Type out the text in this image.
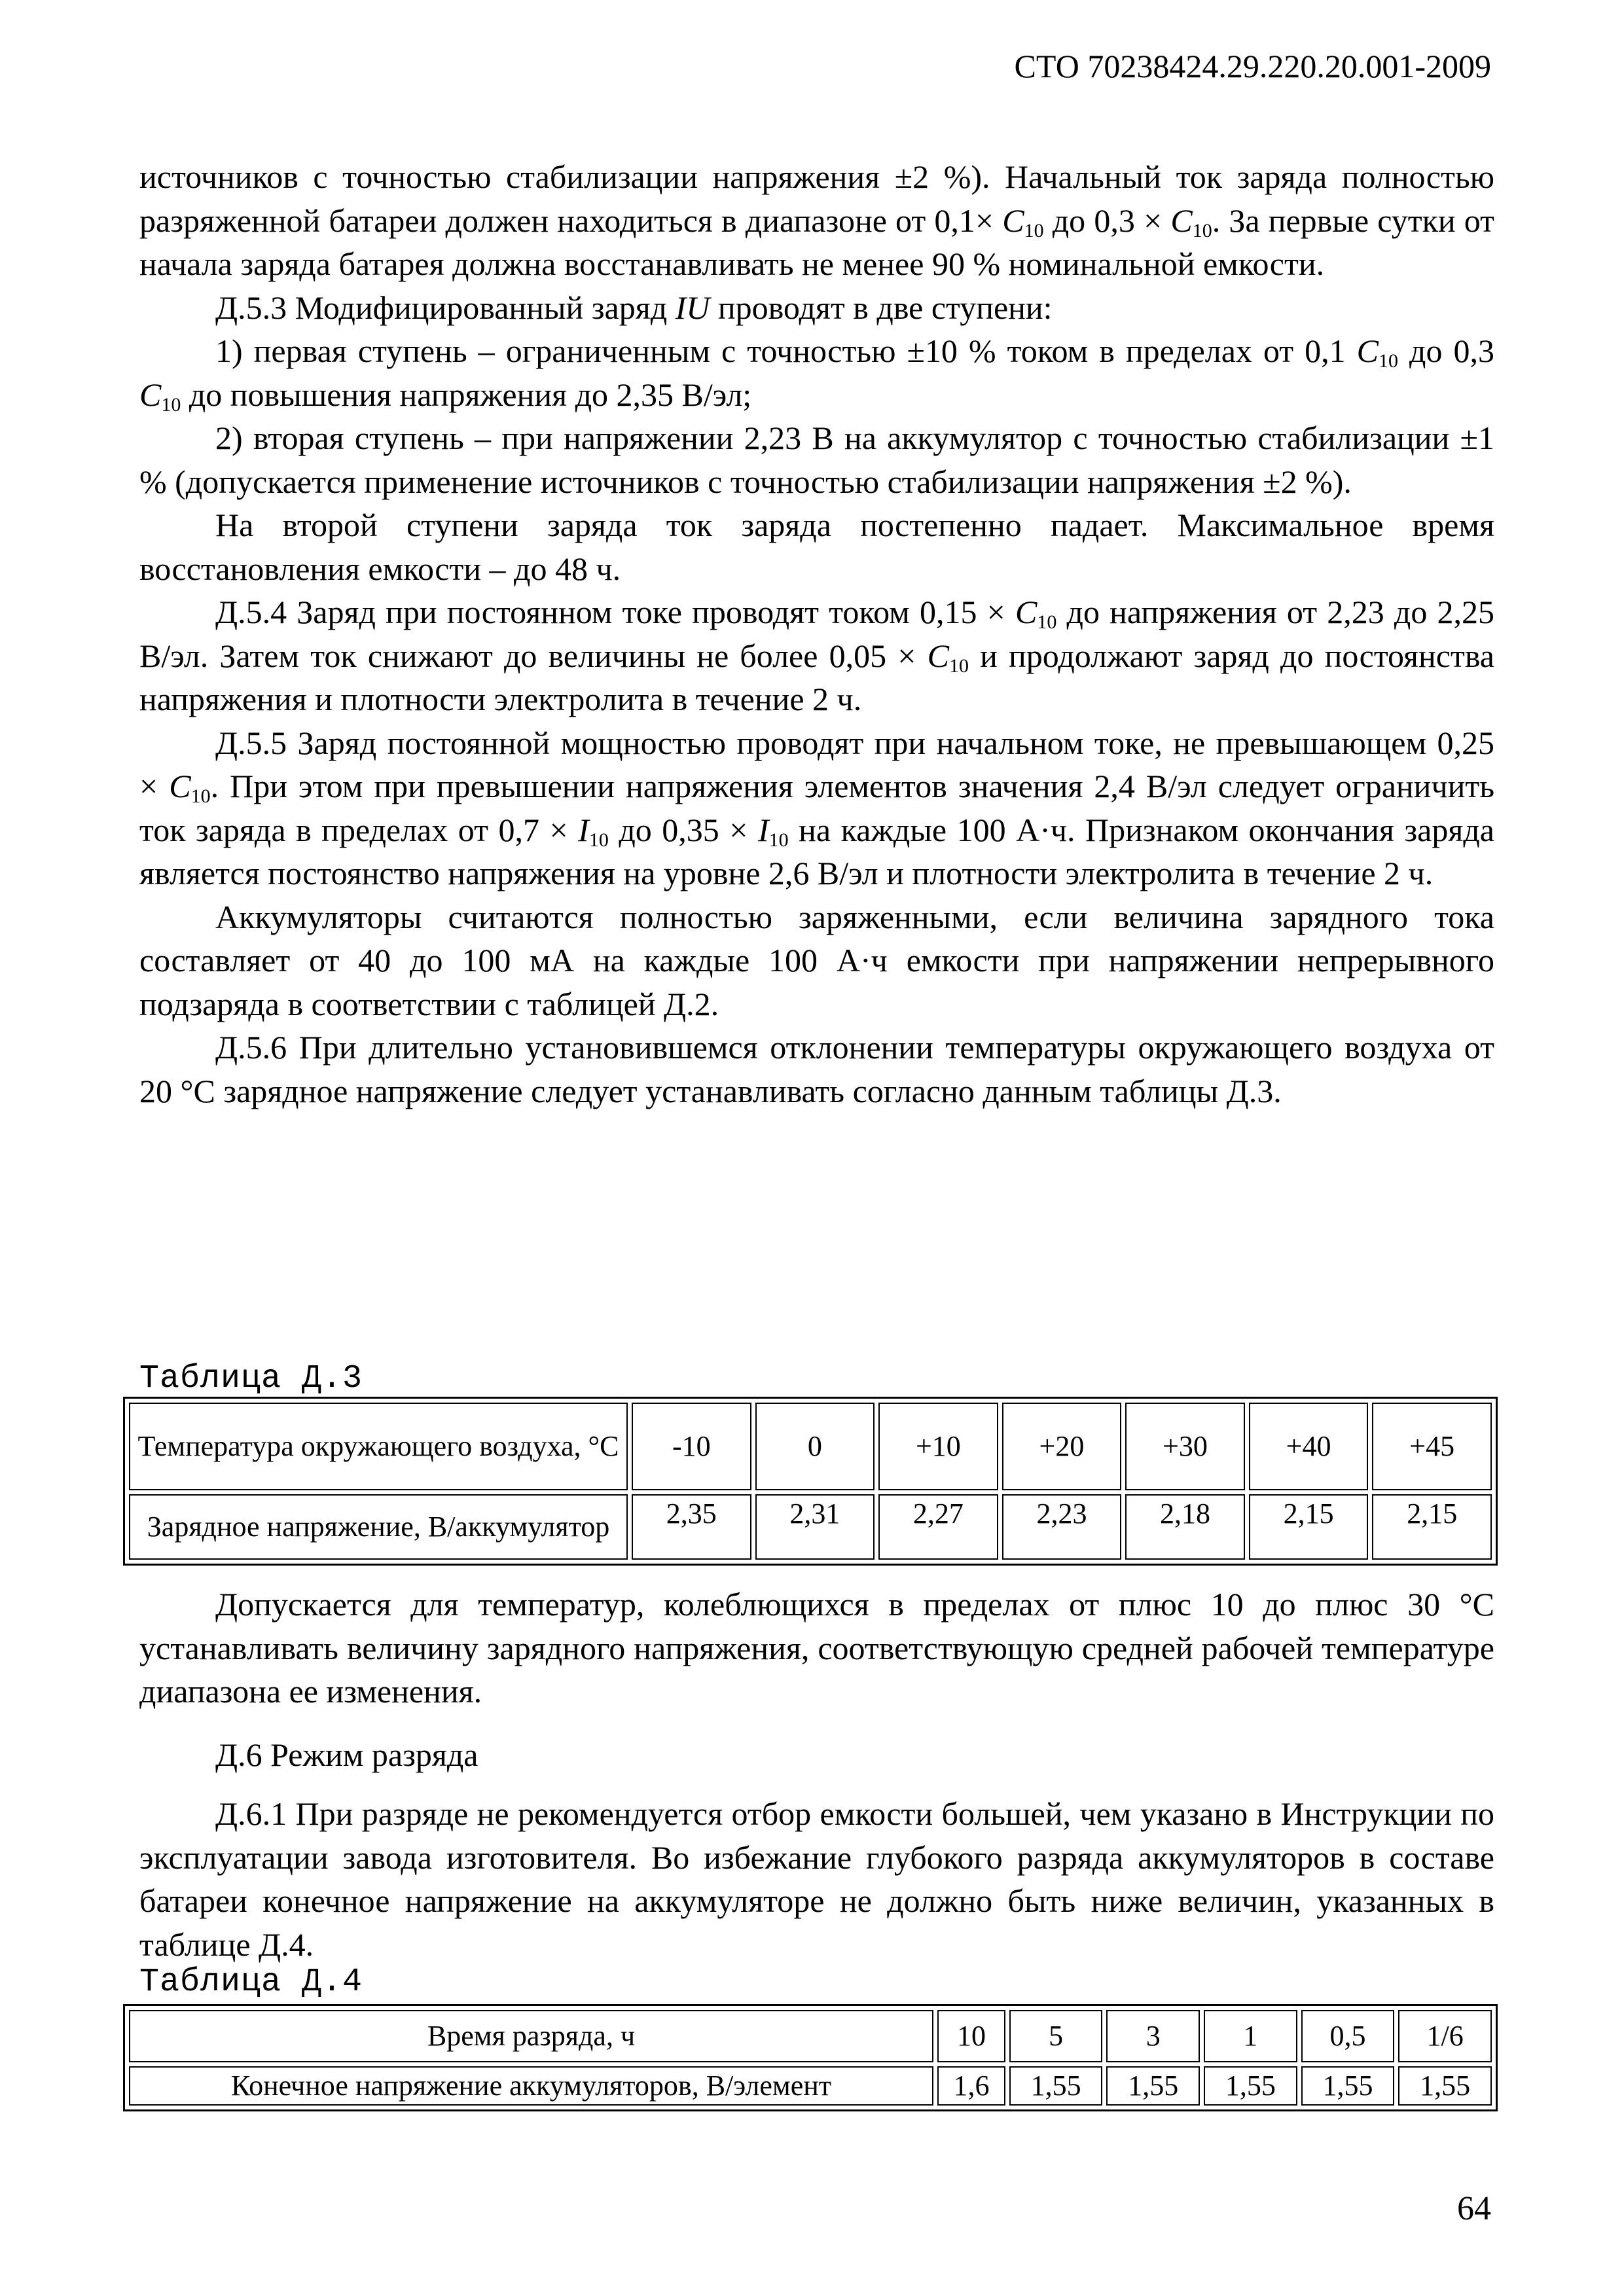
СТО 70238424.29.220.20.001-2009

источников с точностью стабилизации напряжения ±2 %). Начальный ток заряда полностью разряженной батареи должен находиться в диапазоне от $0,1\times C_{10}$ до $0,3 \times C_{10}$. За первые сутки от начала заряда батарея должна восстанавливать не менее 90 % номинальной емкости.

Д.5.3 Модифицированный заряд IU проводят в две ступени:

1) первая ступень – ограниченным с точностью ±10 % током в пределах от 0,1 $C_{10}$ до 0,3 $C_{10}$ до повышения напряжения до 2,35 В/эл;

2) вторая ступень – при напряжении 2,23 В на аккумулятор с точностью стабилизации ±1 % (допускается применение источников с точностью стабилизации напряжения ±2 %).

На второй ступени заряда ток заряда постепенно падает. Максимальное время восстановления емкости – до 48 ч.

Д.5.4 Заряд при постоянном токе проводят током $0,15 \times C_{10}$ до напряжения от 2,23 до 2,25 В/эл. Затем ток снижают до величины не более $0,05 \times C_{10}$ и продолжают заряд до постоянства напряжения и плотности электролита в течение 2 ч.

Д.5.5 Заряд постоянной мощностью проводят при начальном токе, не превышающем $0,25 \times C_{10}$. При этом при превышении напряжения элементов значения 2,4 В/эл следует ограничить ток заряда в пределах от $0,7 \times I_{10}$ до $0,35 \times I_{10}$ на каждые 100 А·ч. Признаком окончания заряда является постоянство напряжения на уровне 2,6 В/эл и плотности электролита в течение 2 ч.

Аккумуляторы считаются полностью заряженными, если величина зарядного тока составляет от 40 до 100 мА на каждые 100 А·ч емкости при напряжении непрерывного подзаряда в соответствии с таблицей Д.2.

Д.5.6 При длительно установившемся отклонении температуры окружающего воздуха от 20 °С зарядное напряжение следует устанавливать согласно данным таблицы Д.3.

Таблица Д.3

Температура окружающего воздуха, °С	-10	0	+10	+20	+30	+40	+45
Зарядное напряжение, В/аккумулятор	2,35	2,31	2,27	2,23	2,18	2,15	2,15

Допускается для температур, колеблющихся в пределах от плюс 10 до плюс 30 °С устанавливать величину зарядного напряжения, соответствующую средней рабочей температуре диапазона ее изменения.

Д.6 Режим разряда

Д.6.1 При разряде не рекомендуется отбор емкости большей, чем указано в Инструкции по эксплуатации завода изготовителя. Во избежание глубокого разряда аккумуляторов в составе батареи конечное напряжение на аккумуляторе не должно быть ниже величин, указанных в таблице Д.4.

Таблица Д.4

Время разряда, ч	10	5	3	1	0,5	1/6
Конечное напряжение аккумуляторов, В/элемент	1,6	1,55	1,55	1,55	1,55	1,55
64
